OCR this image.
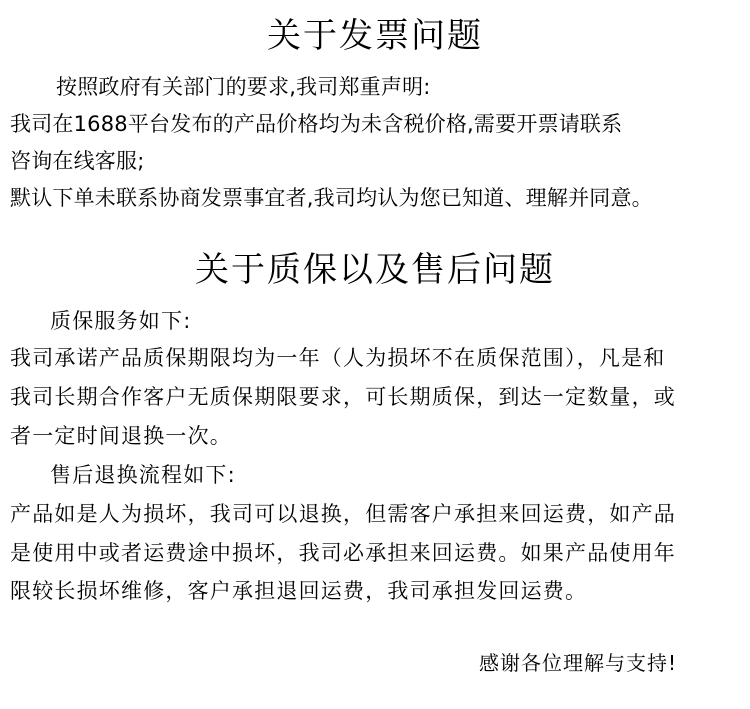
关于发票问题
按照政府有关部门的要求,我司郑重声明:
我司在1688平台发布的产品价格均为未含税价格,需要开票请联系
咨询在线客服;
默认下单未联系协商发票事宜者,我司均认为您已知道、理解并同意。
关于质保以及售后问题
质保服务如下:
我司承诺产品质保期限均为一年（人为损坏不在质保范围），凡是和
我司长期合作客户无质保期限要求，可长期质保，到达一定数量，或
者一定时间退换一次。
售后退换流程如下:
产品如是人为损坏，我司可以退换，但需客户承担来回运费，如产品
是使用中或者运费途中损坏，我司必承担来回运费。如果产品使用年
限较长损坏维修，客户承担退回运费，我司承担发回运费。
感谢各位理解与支持!
